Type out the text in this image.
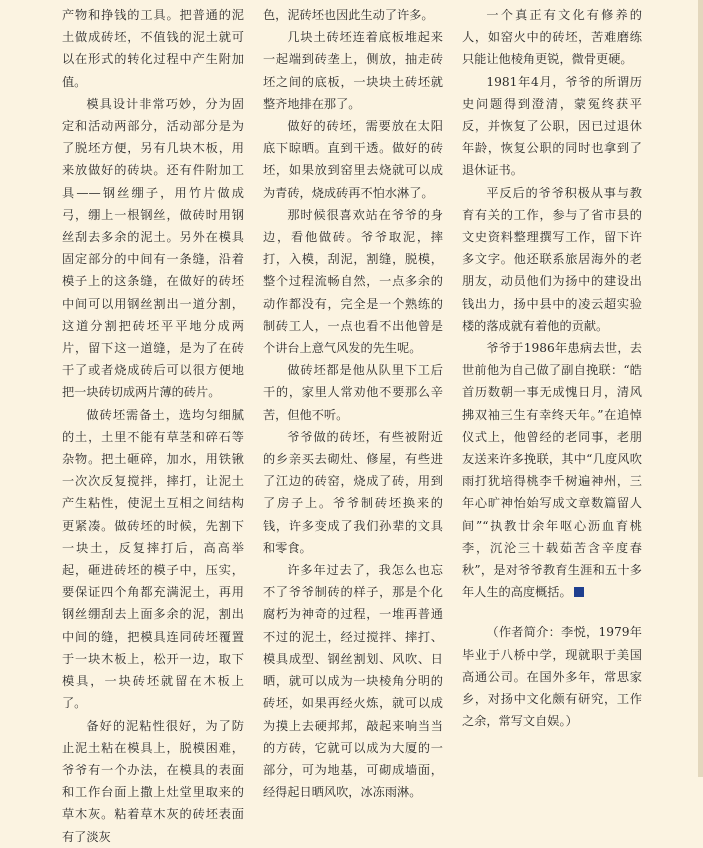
产物和挣钱的工具。把普通的泥土做成砖坯，不值钱的泥土就可以在形式的转化过程中产生附加值。

模具设计非常巧妙，分为固定和活动两部分，活动部分是为了脱坯方便，另有几块木板，用来放做好的砖块。还有件附加工具——钢丝绷子，用竹片做成弓，绷上一根钢丝，做砖时用钢丝刮去多余的泥土。另外在模具固定部分的中间有一条缝，沿着模子上的这条缝，在做好的砖坯中间可以用钢丝割出一道分割，这道分割把砖坯平平地分成两片，留下这一道缝，是为了在砖干了或者烧成砖后可以很方便地把一块砖切成两片薄的砖片。

做砖坯需备土，选均匀细腻的土，土里不能有草茎和碎石等杂物。把土砸碎，加水，用铁锹一次次反复搅拌，摔打，让泥土产生粘性，使泥土互相之间结构更紧凑。做砖坯的时候，先割下一块土，反复摔打后，高高举起，砸进砖坯的模子中，压实，要保证四个角都充满泥土，再用钢丝绷刮去上面多余的泥，割出中间的缝，把模具连同砖坯覆置于一块木板上，松开一边，取下模具，一块砖坯就留在木板上了。

备好的泥粘性很好，为了防止泥土粘在模具上，脱模困难，爷爷有一个办法，在模具的表面和工作台面上撒上灶堂里取来的草木灰。粘着草木灰的砖坯表面有了淡灰

色，泥砖坯也因此生动了许多。

几块土砖坯连着底板堆起来一起端到砖垄上，侧放，抽走砖坯之间的底板，一块块土砖坯就整齐地排在那了。

做好的砖坯，需要放在太阳底下晾晒。直到干透。做好的砖坯，如果放到窑里去烧就可以成为青砖，烧成砖再不怕水淋了。

那时候很喜欢站在爷爷的身边，看他做砖。爷爷取泥，摔打，入模，刮泥，割缝，脱模，整个过程流畅自然，一点多余的动作都没有，完全是一个熟练的制砖工人，一点也看不出他曾是个讲台上意气风发的先生呢。

做砖坯都是他从队里下工后干的，家里人常劝他不要那么辛苦，但他不听。

爷爷做的砖坯，有些被附近的乡亲买去砌灶、修屋，有些进了江边的砖窑，烧成了砖，用到了房子上。爷爷制砖坯换来的钱，许多变成了我们孙辈的文具和零食。

许多年过去了，我怎么也忘不了爷爷制砖的样子，那是个化腐朽为神奇的过程，一堆再普通不过的泥土，经过搅拌、摔打、模具成型、钢丝割划、风吹、日晒，就可以成为一块棱角分明的砖坯，如果再经火炼，就可以成为摸上去硬邦邦，敲起来响当当的方砖，它就可以成为大厦的一部分，可为地基，可砌成墙面，经得起日晒风吹，冰冻雨淋。

一个真正有文化有修养的人，如窑火中的砖坯，苦难磨练只能让他棱角更锐，微骨更硬。

1981年4月，爷爷的所谓历史问题得到澄清，蒙冤终获平反，并恢复了公职，因已过退休年龄，恢复公职的同时也拿到了退休证书。

平反后的爷爷积极从事与教育有关的工作，参与了省市县的文史资料整理撰写工作，留下许多文字。他还联系旅居海外的老朋友，动员他们为扬中的建设出钱出力，扬中县中的凌云超实验楼的落成就有着他的贡献。

爷爷于1986年患病去世，去世前他为自己做了副自挽联：“皓首历数朝一事无成愧日月，清风拂双袖三生有幸终天年。”在追悼仪式上，他曾经的老同事，老朋友送来许多挽联，其中“几度风吹雨打犹培得桃李千树遍神州，三年心旷神怡始写成文章数篇留人间”“执教廿余年呕心沥血育桃李，沉沦三十载茹苦含辛度春秋”，是对爷爷教育生涯和五十多年人生的高度概括。

（作者简介：李悦，1979年毕业于八桥中学，现就职于美国高通公司。在国外多年，常思家乡，对扬中文化颇有研究，工作之余，常写文自娱。）
